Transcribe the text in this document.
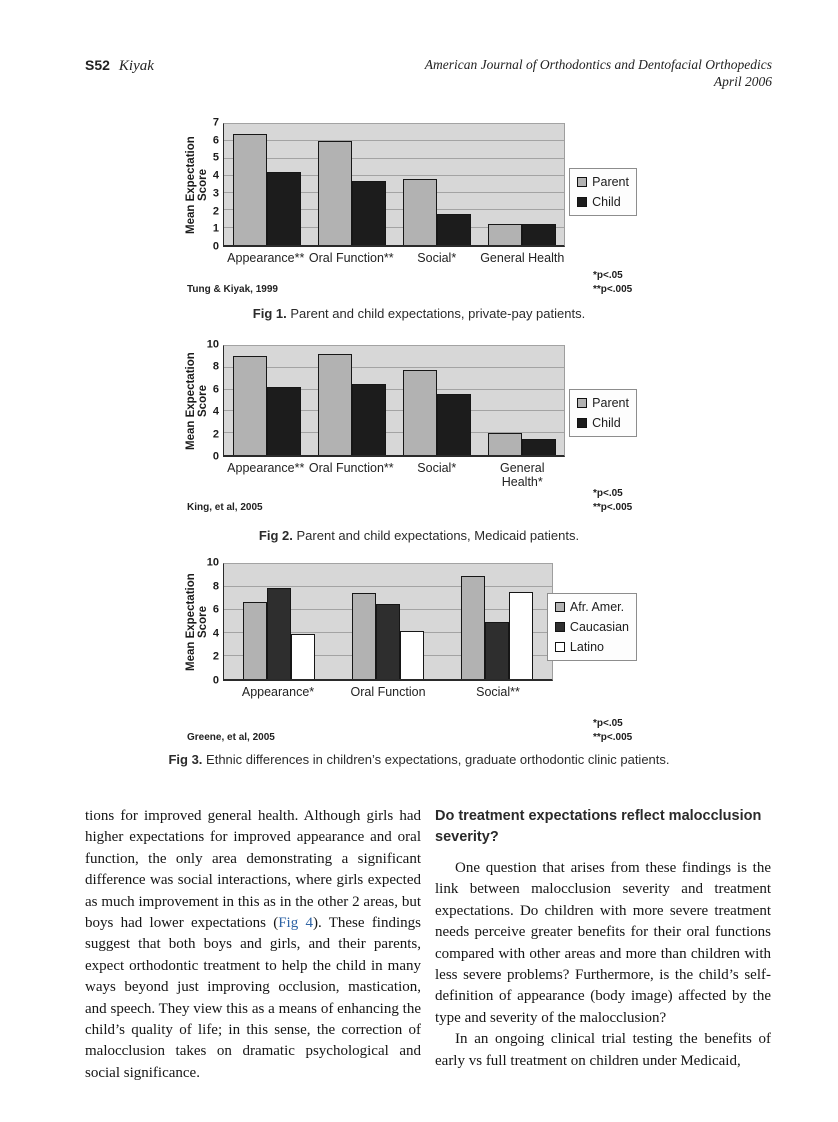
S52 Kiyak	American Journal of Orthodontics and Dentofacial Orthopedics
April 2006
Mean Expectation Score
0
1
2
3
4
5
6
7
Appearance** Oral Function**	Social*	General Health
Parent
Child
Tung & Kiyak, 1999
*p<.05
**p<.005
Fig 1. Parent and child expectations, private-pay patients.
Mean Expectation Score
0
2
4
6
8
10
Appearance** Oral Function**	Social*	General Health*
Parent
Child
King, et al, 2005
*p<.05
**p<.005
Fig 2. Parent and child expectations, Medicaid patients.
Mean Expectation Score
0
2
4
6
8
10
Appearance*	Oral Function	Social**
Afr. Amer.
Caucasian
Latino
Greene, et al, 2005
*p<.05
**p<.005
Fig 3. Ethnic differences in children’s expectations, graduate orthodontic clinic patients.

tions for improved general health. Although girls had higher expectations for improved appearance and oral function, the only area demonstrating a significant difference was social interactions, where girls expected as much improvement in this as in the other 2 areas, but boys had lower expectations (Fig 4). These findings suggest that both boys and girls, and their parents, expect orthodontic treatment to help the child in many ways beyond just improving occlusion, mastication, and speech. They view this as a means of enhancing the child’s quality of life; in this sense, the correction of malocclusion takes on dramatic psychological and social significance.

Do treatment expectations reflect malocclusion severity?

One question that arises from these findings is the link between malocclusion severity and treatment expectations. Do children with more severe treatment needs perceive greater benefits for their oral functions compared with other areas and more than children with less severe problems? Furthermore, is the child’s self-definition of appearance (body image) affected by the type and severity of the malocclusion?

In an ongoing clinical trial testing the benefits of early vs full treatment on children under Medicaid,
